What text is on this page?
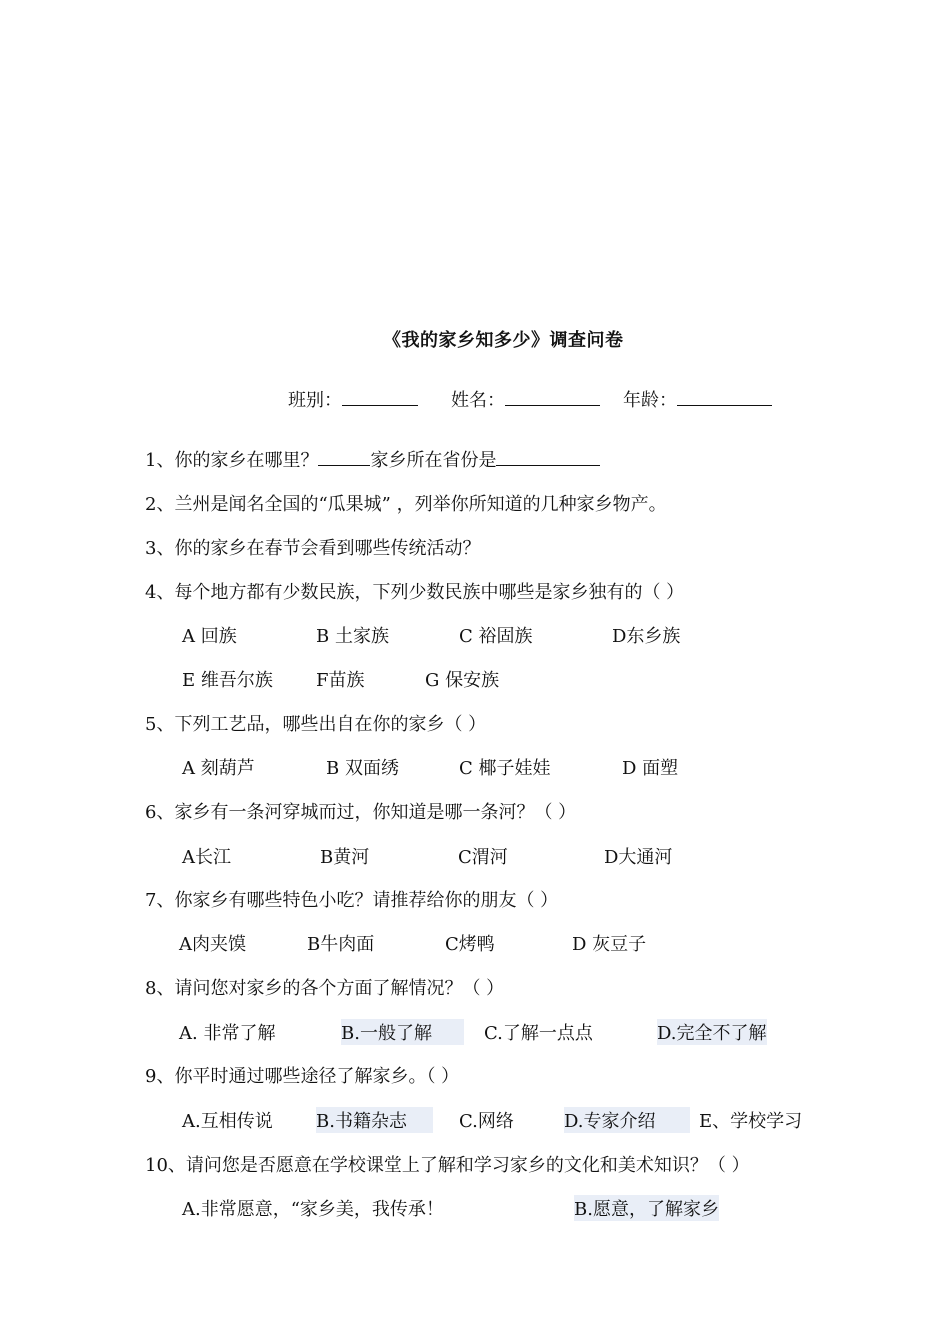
《我的家乡知多少》调查问卷
班别：	姓名：	年龄：
1、你的家乡在哪里？	家乡所在省份是
2、兰州是闻名全国的“瓜果城” ，列举你所知道的几种家乡物产。
3、你的家乡在春节会看到哪些传统活动？
4、每个地方都有少数民族，下列少数民族中哪些是家乡独有的（ ）
A 回族	B 土家族	C 裕固族	D东乡族
E 维吾尔族 F苗族	G 保安族
5、下列工艺品，哪些出自在你的家乡（ ）
A 刻葫芦	B 双面绣	C 椰子娃娃	D 面塑
6、家乡有一条河穿城而过，你知道是哪一条河？（ ）
A长江	B黄河	C渭河	D大通河
7、你家乡有哪些特色小吃？请推荐给你的朋友（ ）
A肉夹馍	B牛肉面	C烤鸭	D 灰豆子
8、请问您对家乡的各个方面了解情况？（ ）
A. 非常了解	B.一般了解	C.了解一点点	D.完全不了解
9、你平时通过哪些途径了解家乡。（ ）
A.互相传说 B.书籍杂志	C.网络	D.专家介绍	E、学校学习
10、请问您是否愿意在学校课堂上了解和学习家乡的文化和美术知识？（ ）
A.非常愿意，“家乡美，我传承！	B.愿意，了解家乡
